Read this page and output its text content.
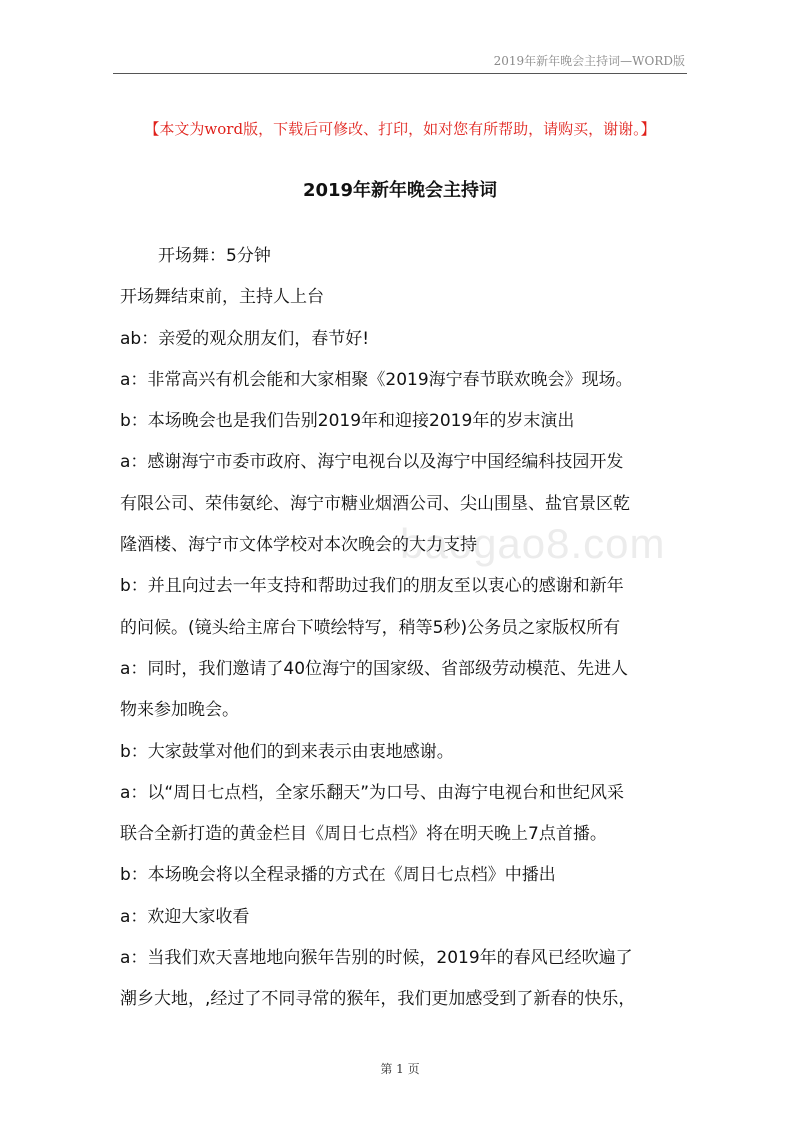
2019年新年晚会主持词—WORD版
【本文为word版，下载后可修改、打印，如对您有所帮助，请购买，谢谢。】
2019年新年晚会主持词
baogao8.com

开场舞：5分钟

开场舞结束前，主持人上台

ab：亲爱的观众朋友们，春节好!

a：非常高兴有机会能和大家相聚《2019海宁春节联欢晚会》现场。

b：本场晚会也是我们告别2019年和迎接2019年的岁末演出

a：感谢海宁市委市政府、海宁电视台以及海宁中国经编科技园开发

有限公司、荣伟氨纶、海宁市糖业烟酒公司、尖山围垦、盐官景区乾

隆酒楼、海宁市文体学校对本次晚会的大力支持

b：并且向过去一年支持和帮助过我们的朋友至以衷心的感谢和新年

的问候。(镜头给主席台下喷绘特写，稍等5秒)公务员之家版权所有

a：同时，我们邀请了40位海宁的国家级、省部级劳动模范、先进人

物来参加晚会。

b：大家鼓掌对他们的到来表示由衷地感谢。

a：以“周日七点档，全家乐翻天”为口号、由海宁电视台和世纪风采

联合全新打造的黄金栏目《周日七点档》将在明天晚上7点首播。

b：本场晚会将以全程录播的方式在《周日七点档》中播出

a：欢迎大家收看

a：当我们欢天喜地地向猴年告别的时候，2019年的春风已经吹遍了

潮乡大地，,经过了不同寻常的猴年，我们更加感受到了新春的快乐，

第 1 页
